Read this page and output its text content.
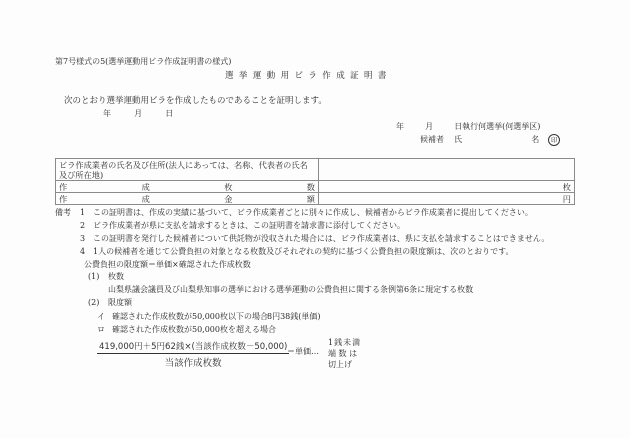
第7号様式の5(選挙運動用ビラ作成証明書の様式)
選挙運動用ビラ作成証明書
次のとおり選挙運動用ビラを作成したものであることを証明します。
年	月	日
年	月	日執行何選挙(何選挙区)
候補者 氏	名 印
ビラ作成業者の氏名及び住所(法人にあっては、名称、代表者の氏名及び所在地)	

作 成 枚 数	枚

作 成 金 額	円
備考 1 この証明書は、作成の実績に基づいて、ビラ作成業者ごとに別々に作成し、候補者からビラ作成業者に提出してください。
2 ビラ作成業者が県に支払を請求するときは、この証明書を請求書に添付してください。
3 この証明書を発行した候補者について供託物が没収された場合には、ビラ作成業者は、県に支払を請求することはできません。
4 1人の候補者を通じて公費負担の対象となる枚数及びそれぞれの契約に基づく公費負担の限度額は、次のとおりです。
公費負担の限度額＝単価×確認された作成枚数
(1) 枚数
山梨県議会議員及び山梨県知事の選挙における選挙運動の公費負担に関する条例第6条に規定する枚数
(2) 限度額
イ 確認された作成枚数が50,000枚以下の場合 8円38銭(単価)
ロ 確認された作成枚数が50,000枚を超える場合
419,000円＋5円62銭×(当該作成枚数－50,000)
当該作成枚数
＝単価…
1銭未満
端 数 は
切上げ
